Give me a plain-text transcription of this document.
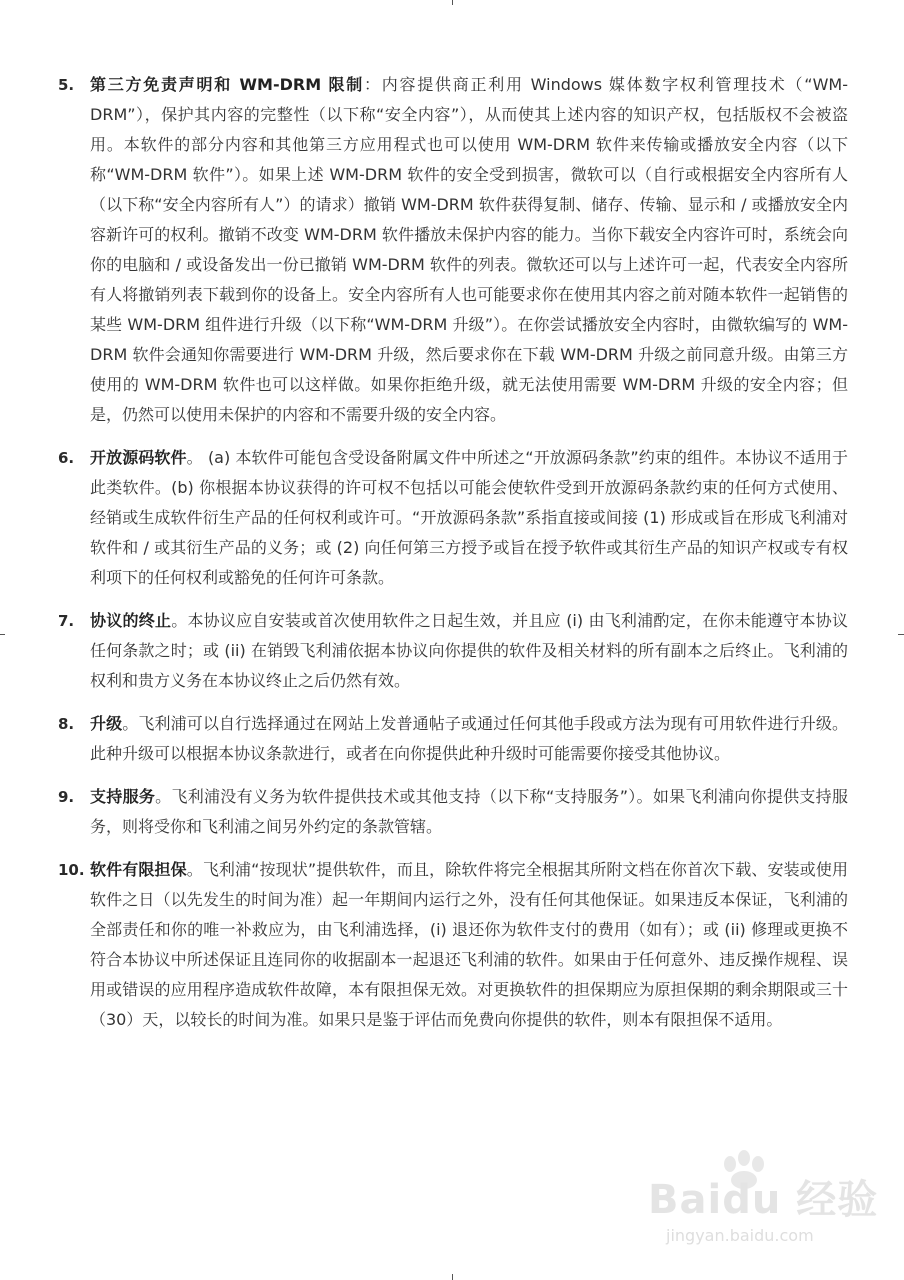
5. 第三方免责声明和 WM-DRM 限制：内容提供商正利用 Windows 媒体数字权利管理技术（“WM-DRM”），保护其内容的完整性（以下称“安全内容”），从而使其上述内容的知识产权，包括版权不会被盗用。本软件的部分内容和其他第三方应用程式也可以使用 WM-DRM 软件来传输或播放安全内容（以下称“WM-DRM 软件”）。如果上述 WM-DRM 软件的安全受到损害，微软可以（自行或根据安全内容所有人（以下称“安全内容所有人”）的请求）撤销 WM-DRM 软件获得复制、储存、传输、显示和 / 或播放安全内容新许可的权利。撤销不改变 WM-DRM 软件播放未保护内容的能力。当你下载安全内容许可时，系统会向你的电脑和 / 或设备发出一份已撤销 WM-DRM 软件的列表。微软还可以与上述许可一起，代表安全内容所有人将撤销列表下载到你的设备上。安全内容所有人也可能要求你在使用其内容之前对随本软件一起销售的某些 WM-DRM 组件进行升级（以下称“WM-DRM 升级”）。在你尝试播放安全内容时，由微软编写的 WM-DRM 软件会通知你需要进行 WM-DRM 升级，然后要求你在下载 WM-DRM 升级之前同意升级。由第三方使用的 WM-DRM 软件也可以这样做。如果你拒绝升级，就无法使用需要 WM-DRM 升级的安全内容；但是，仍然可以使用未保护的内容和不需要升级的安全内容。
6. 开放源码软件。 (a) 本软件可能包含受设备附属文件中所述之“开放源码条款”约束的组件。本协议不适用于此类软件。(b) 你根据本协议获得的许可权不包括以可能会使软件受到开放源码条款约束的任何方式使用、经销或生成软件衍生产品的任何权利或许可。“开放源码条款”系指直接或间接 (1) 形成或旨在形成飞利浦对软件和 / 或其衍生产品的义务；或 (2) 向任何第三方授予或旨在授予软件或其衍生产品的知识产权或专有权利项下的任何权利或豁免的任何许可条款。
7. 协议的终止。本协议应自安装或首次使用软件之日起生效，并且应 (i) 由飞利浦酌定，在你未能遵守本协议任何条款之时；或 (ii) 在销毁飞利浦依据本协议向你提供的软件及相关材料的所有副本之后终止。飞利浦的权利和贵方义务在本协议终止之后仍然有效。
8. 升级。飞利浦可以自行选择通过在网站上发普通帖子或通过任何其他手段或方法为现有可用软件进行升级。此种升级可以根据本协议条款进行，或者在向你提供此种升级时可能需要你接受其他协议。
9. 支持服务。飞利浦没有义务为软件提供技术或其他支持（以下称“支持服务”）。如果飞利浦向你提供支持服务，则将受你和飞利浦之间另外约定的条款管辖。
10. 软件有限担保。飞利浦“按现状”提供软件，而且，除软件将完全根据其所附文档在你首次下载、安装或使用软件之日（以先发生的时间为准）起一年期间内运行之外，没有任何其他保证。如果违反本保证，飞利浦的全部责任和你的唯一补救应为，由飞利浦选择，(i) 退还你为软件支付的费用（如有）；或 (ii) 修理或更换不符合本协议中所述保证且连同你的收据副本一起退还飞利浦的软件。如果由于任何意外、违反操作规程、误用或错误的应用程序造成软件故障，本有限担保无效。对更换软件的担保期应为原担保期的剩余期限或三十（30）天，以较长的时间为准。如果只是鉴于评估而免费向你提供的软件，则本有限担保不适用。
Baidu 经验
jingyan.baidu.com
